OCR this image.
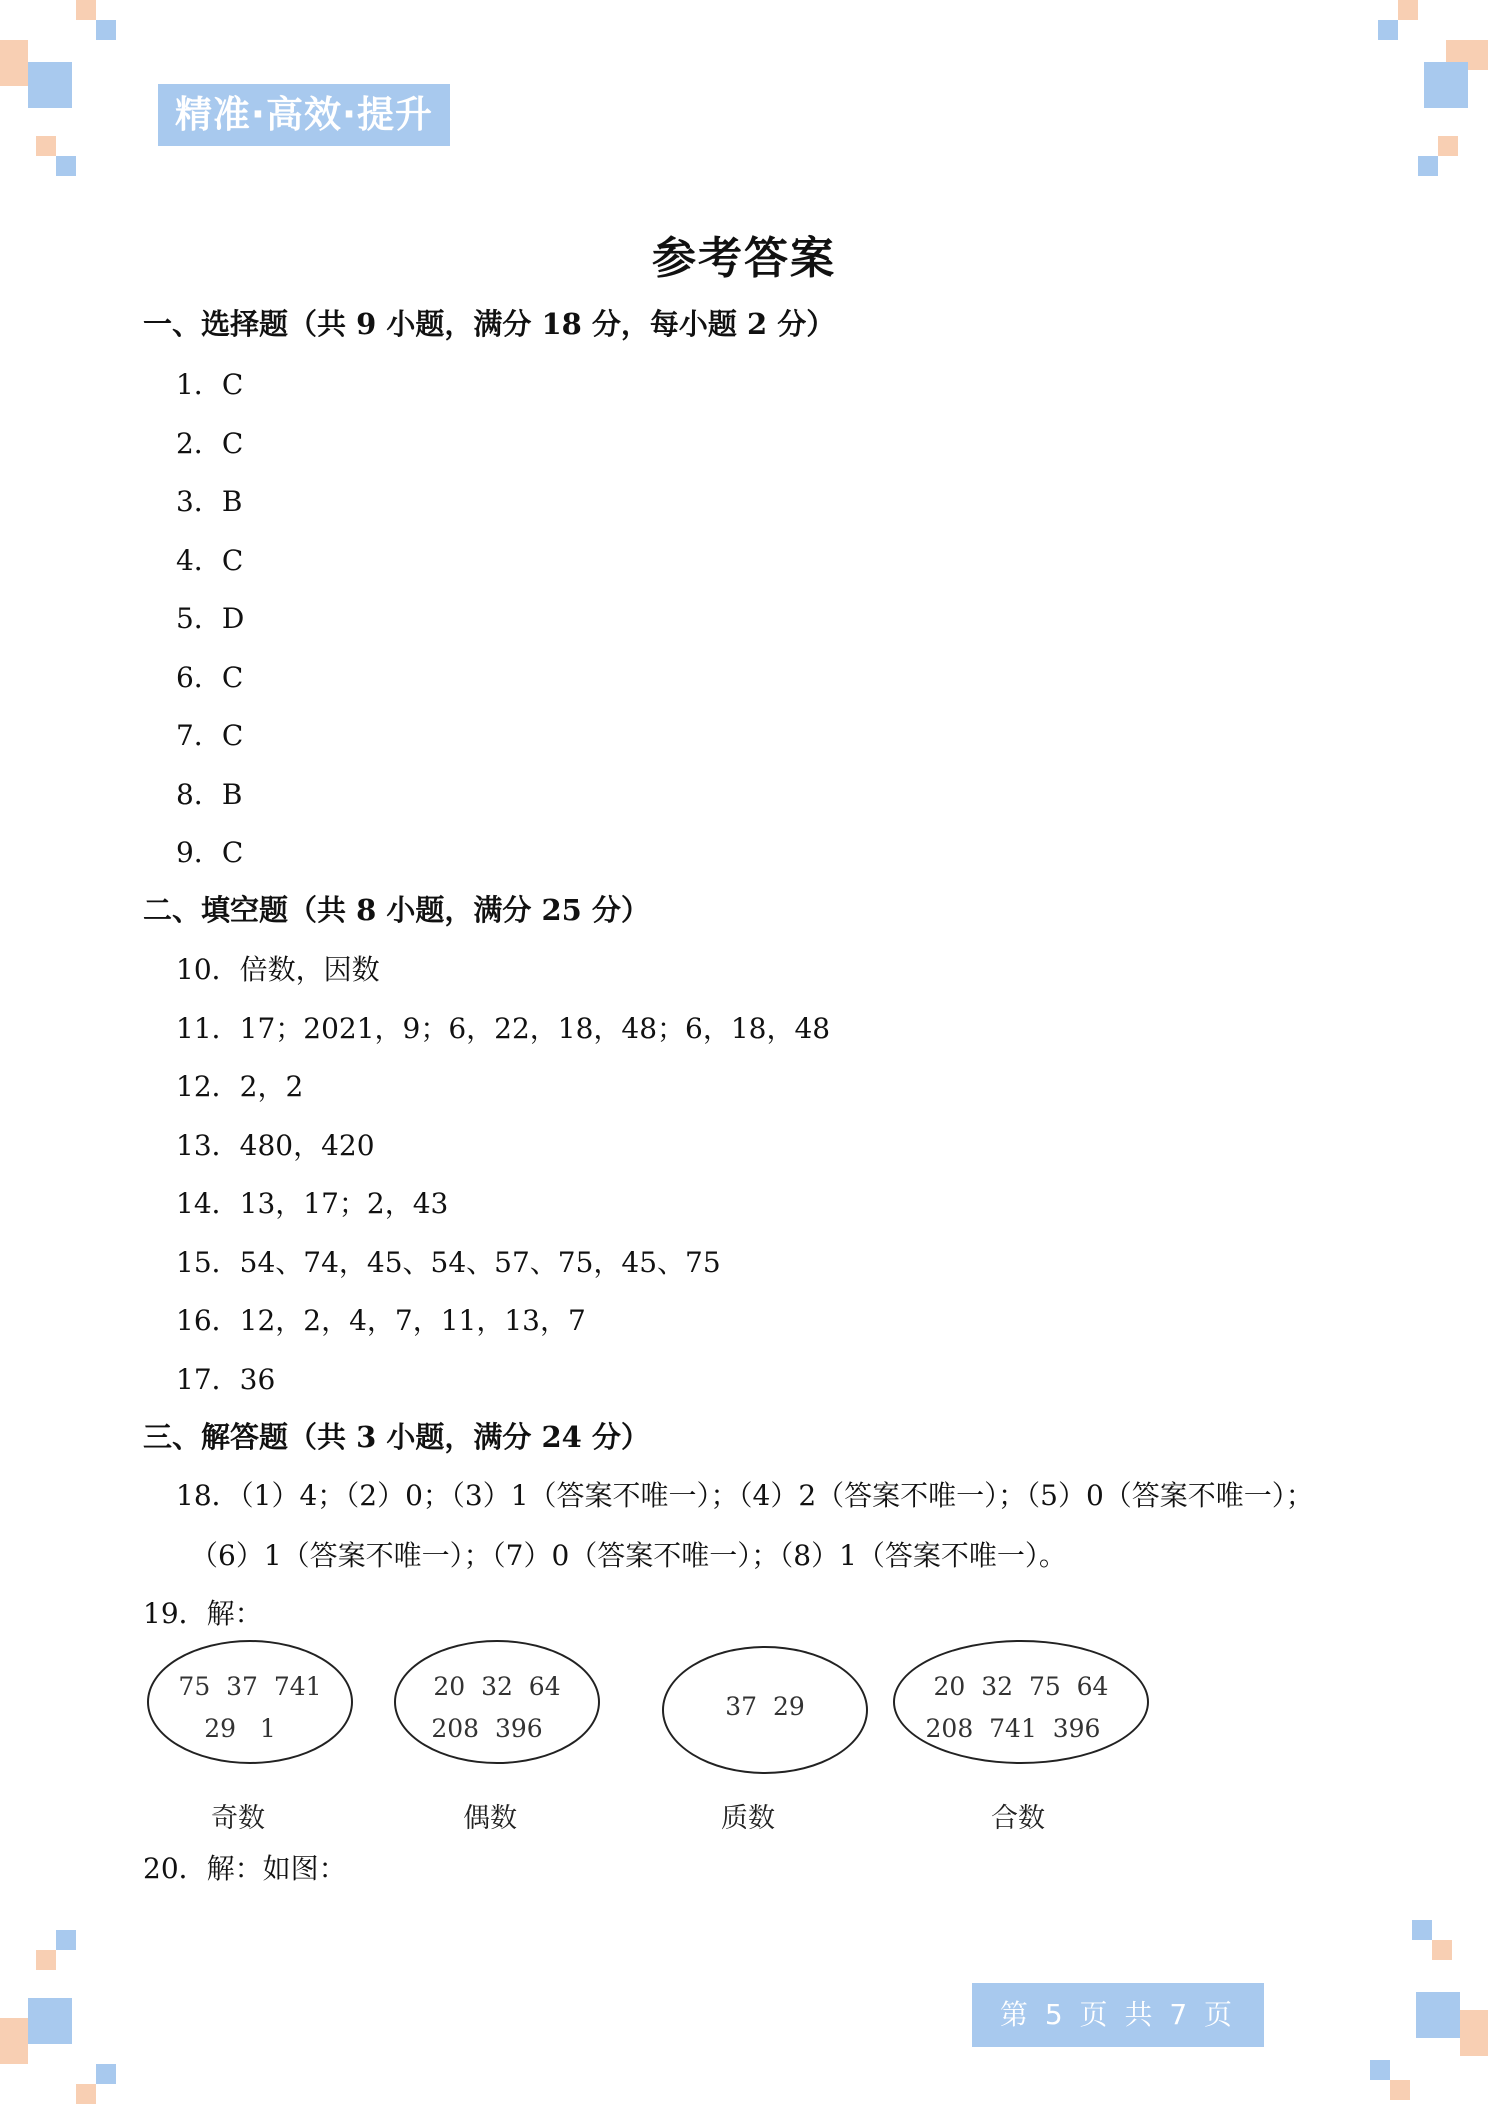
精准·高效·提升
参考答案
一、选择题（共 9 小题，满分 18 分，每小题 2 分）
1．C
2．C
3．B
4．C
5．D
6．C
7．C
8．B
9．C
二、填空题（共 8 小题，满分 25 分）
10．倍数，因数
11．17；2021，9；6，22，18，48；6，18，48
12．2，2
13．480，420
14．13，17；2，43
15．54、74，45、54、57、75，45、75
16．12，2，4，7，11，13，7
17．36
三、解答题（共 3 小题，满分 24 分）
18．（1）4；（2）0；（3）1（答案不唯一）；（4）2（答案不唯一）；（5）0（答案不唯一）；
（6）1（答案不唯一）；（7）0（答案不唯一）；（8）1（答案不唯一）。
19．解：
75  37  741
29   1
奇数
20  32  64
208  396
偶数
37  29
质数
20  32  75  64
208  741  396
合数
20．解：如图：
第 5 页 共 7 页
